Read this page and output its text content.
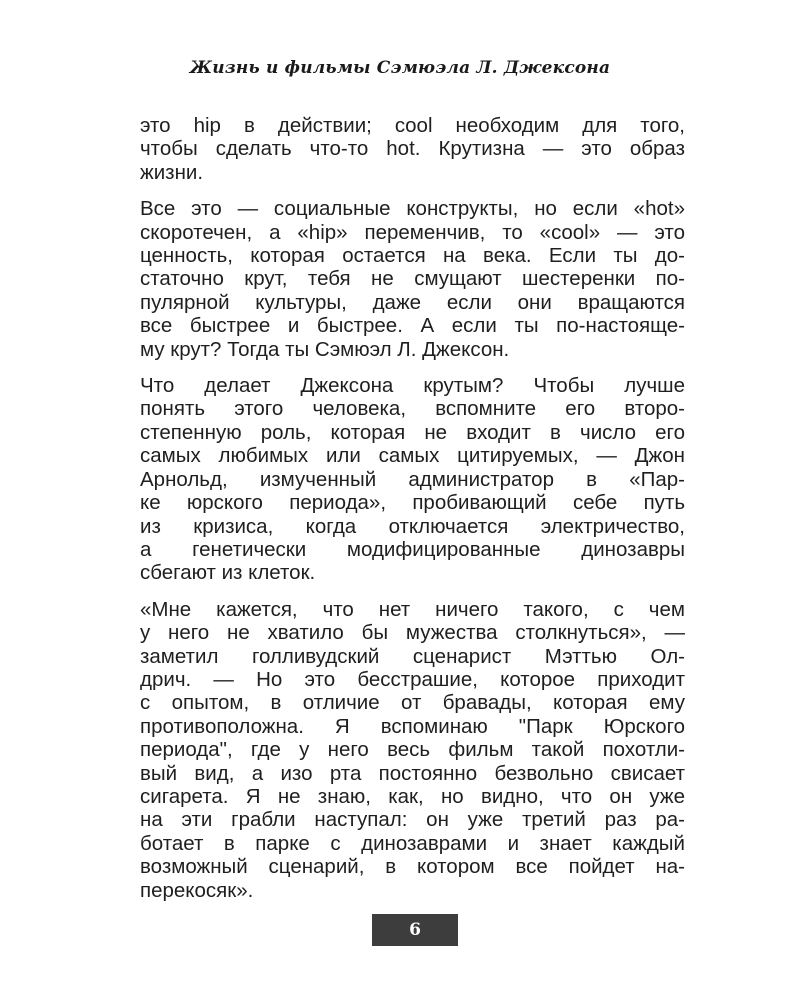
Жизнь и фильмы Сэмюэла Л. Джексона

это hip в действии; cool необходим для того,
чтобы сделать что-то hot. Крутизна — это образ
жизни.

Все это — социальные конструкты, но если «hot»
скоротечен, а «hip» переменчив, то «cool» — это
ценность, которая остается на века. Если ты до-
статочно крут, тебя не смущают шестеренки по-
пулярной культуры, даже если они вращаются
все быстрее и быстрее. А если ты по-настояще-
му крут? Тогда ты Сэмюэл Л. Джексон.

Что делает Джексона крутым? Чтобы лучше
понять этого человека, вспомните его второ-
степенную роль, которая не входит в число его
самых любимых или самых цитируемых, — Джон
Арнольд, измученный администратор в «Пар-
ке юрского периода», пробивающий себе путь
из кризиса, когда отключается электричество,
а генетически модифицированные динозавры
сбегают из клеток.

«Мне кажется, что нет ничего такого, с чем
у него не хватило бы мужества столкнуться», —
заметил голливудский сценарист Мэттью Ол-
дрич. — Но это бесстрашие, которое приходит
с опытом, в отличие от бравады, которая ему
противоположна. Я вспоминаю "Парк Юрского
периода", где у него весь фильм такой похотли-
вый вид, а изо рта постоянно безвольно свисает
сигарета. Я не знаю, как, но видно, что он уже
на эти грабли наступал: он уже третий раз ра-
ботает в парке с динозаврами и знает каждый
возможный сценарий, в котором все пойдет на-
перекосяк».

6
